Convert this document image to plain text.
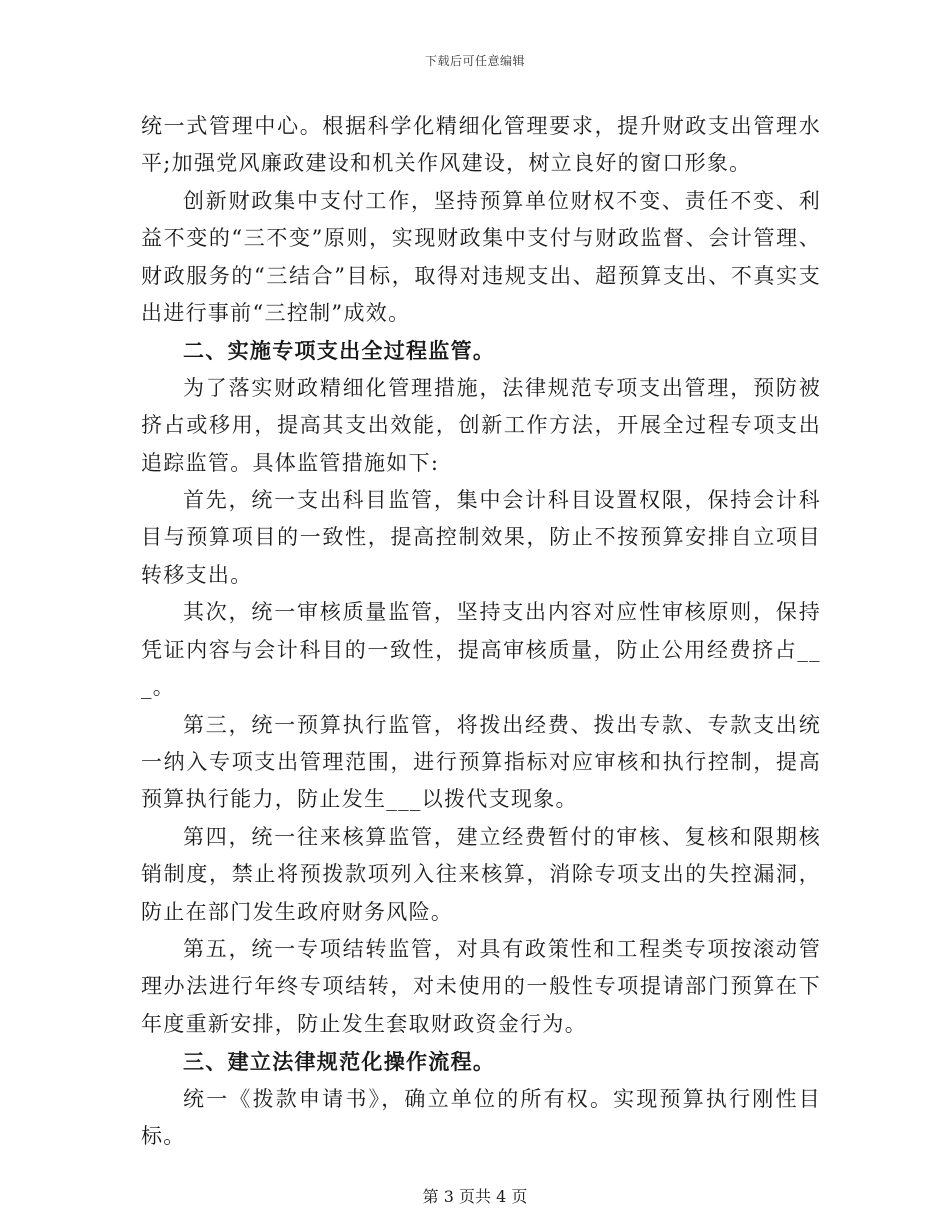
下载后可任意编辑

统一式管理中心。根据科学化精细化管理要求，提升财政支出管理水平;加强党风廉政建设和机关作风建设，树立良好的窗口形象。

创新财政集中支付工作，坚持预算单位财权不变、责任不变、利益不变的“三不变”原则，实现财政集中支付与财政监督、会计管理、财政服务的“三结合”目标，取得对违规支出、超预算支出、不真实支出进行事前“三控制”成效。

二、实施专项支出全过程监管。

为了落实财政精细化管理措施，法律规范专项支出管理，预防被挤占或移用，提高其支出效能，创新工作方法，开展全过程专项支出追踪监管。具体监管措施如下:

首先，统一支出科目监管，集中会计科目设置权限，保持会计科目与预算项目的一致性，提高控制效果，防止不按预算安排自立项目转移支出。

其次，统一审核质量监管，坚持支出内容对应性审核原则，保持凭证内容与会计科目的一致性，提高审核质量，防止公用经费挤占___。

第三，统一预算执行监管，将拨出经费、拨出专款、专款支出统一纳入专项支出管理范围，进行预算指标对应审核和执行控制，提高预算执行能力，防止发生___以拨代支现象。

第四，统一往来核算监管，建立经费暂付的审核、复核和限期核销制度，禁止将预拨款项列入往来核算，消除专项支出的失控漏洞，防止在部门发生政府财务风险。

第五，统一专项结转监管，对具有政策性和工程类专项按滚动管理办法进行年终专项结转，对未使用的一般性专项提请部门预算在下年度重新安排，防止发生套取财政资金行为。

三、建立法律规范化操作流程。

统一《拨款申请书》，确立单位的所有权。实现预算执行刚性目标。

第 3 页共 4 页
